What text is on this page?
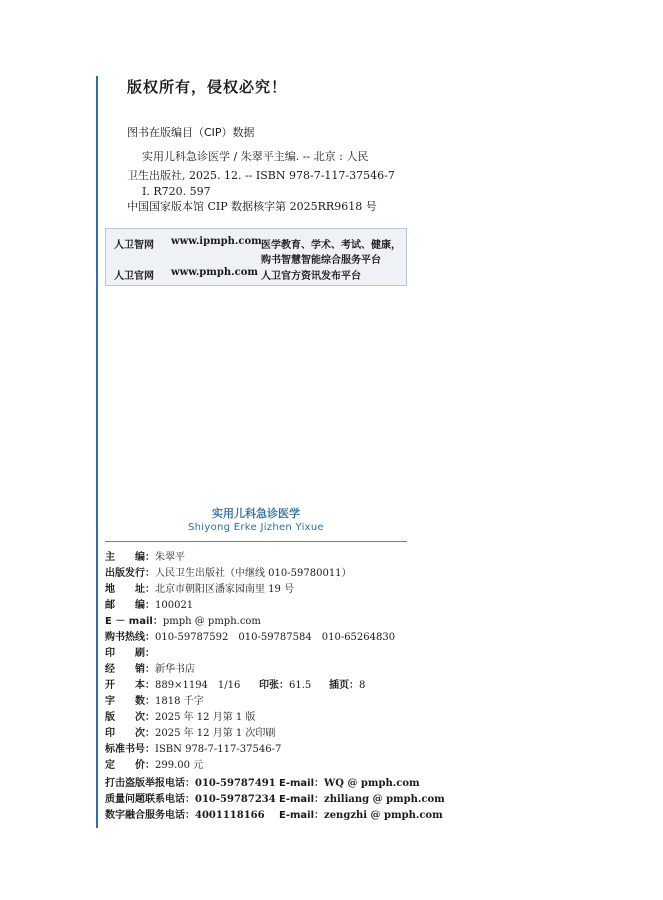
版权所有，侵权必究！
图书在版编目（CIP）数据
实用儿科急诊医学 / 朱翠平主编. -- 北京 : 人民
卫生出版社, 2025. 12. -- ISBN 978-7-117-37546-7
Ⅰ. R720. 597
中国国家版本馆 CIP 数据核字第 2025RR9618 号
人卫智网 www.ipmph.com 医学教育、学术、考试、健康，
购书智慧智能综合服务平台
人卫官网 www.pmph.com 人卫官方资讯发布平台
实用儿科急诊医学
Shiyong Erke Jizhen Yixue
主　　编：朱翠平
出版发行：人民卫生出版社（中继线 010-59780011）
地　　址：北京市朝阳区潘家园南里 19 号
邮　　编：100021
E － mail：pmph @ pmph.com
购书热线：010-59787592　010-59787584　010-65264830
印　　刷：
经　　销：新华书店
开　　本：889×1194　1/16 印张：61.5 插页：8
字　　数：1818 千字
版　　次：2025 年 12 月第 1 版
印　　次：2025 年 12 月第 1 次印刷
标准书号：ISBN 978-7-117-37546-7
定　　价：299.00 元
打击盗版举报电话：010-59787491 E-mail：WQ @ pmph.com
质量问题联系电话：010-59787234 E-mail：zhiliang @ pmph.com
数字融合服务电话：4001118166 E-mail：zengzhi @ pmph.com
